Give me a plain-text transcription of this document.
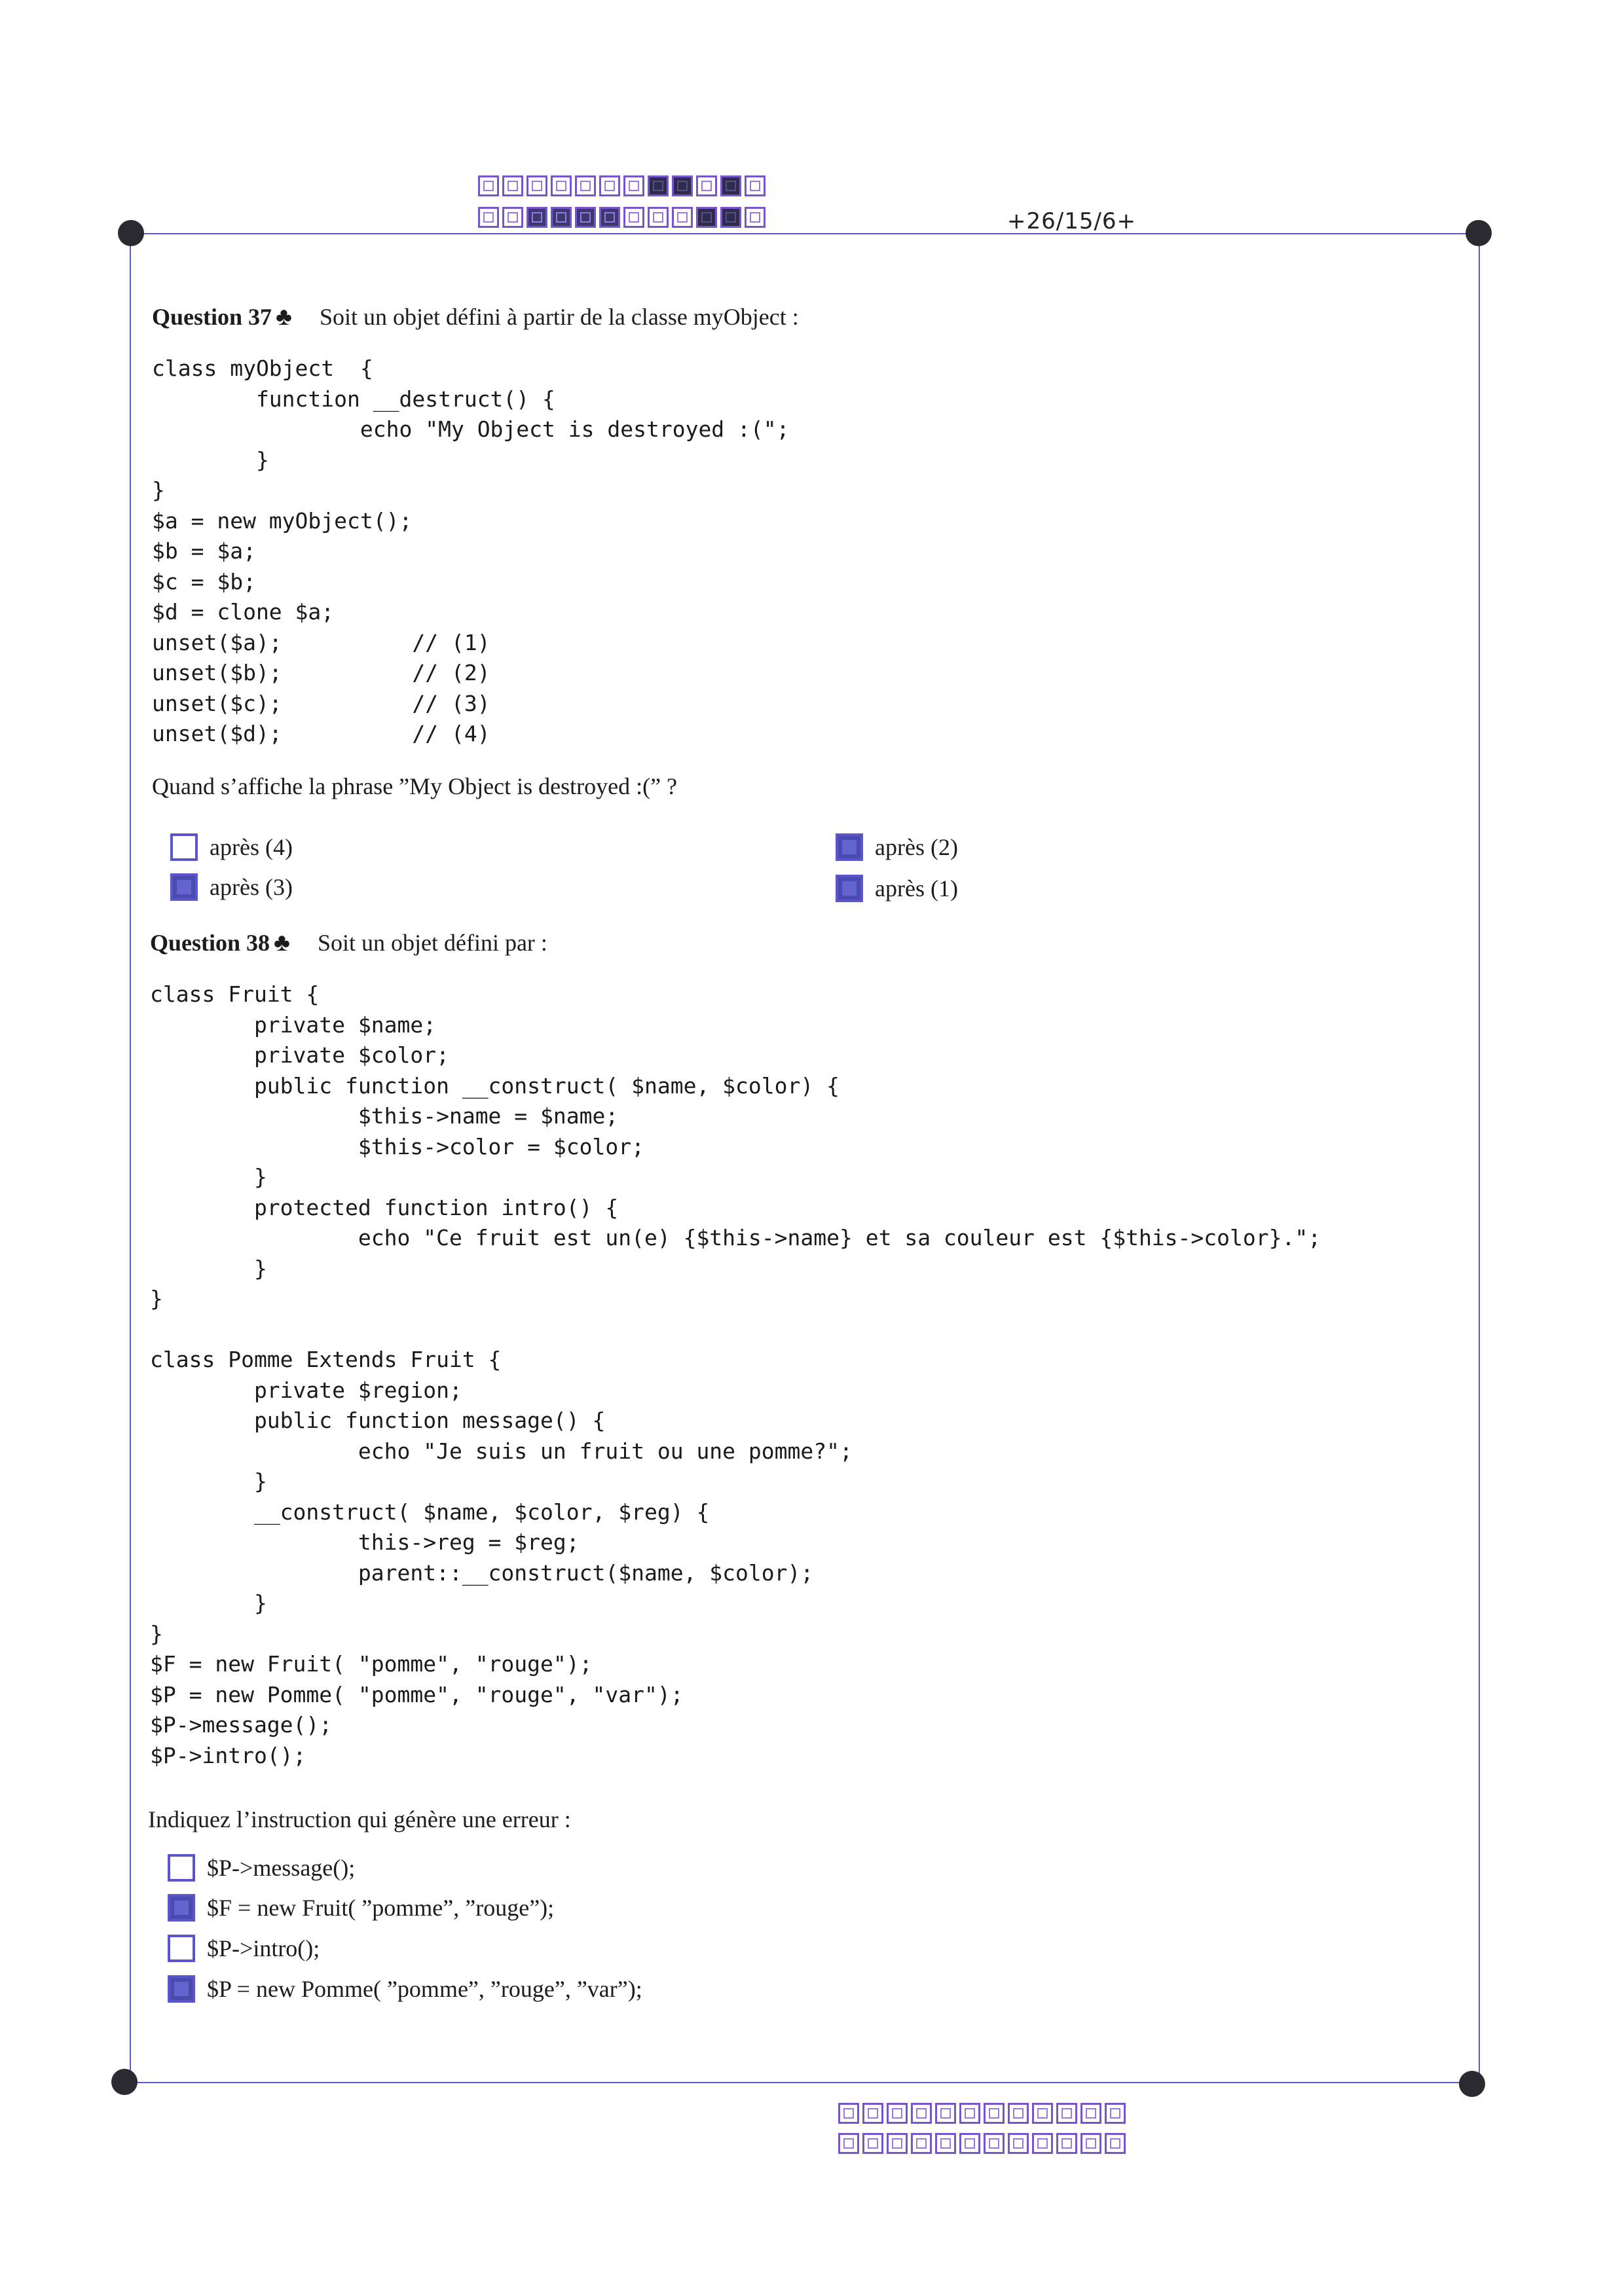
+26/15/6+
Question 37 ♣ Soit un objet défini à partir de la classe myObject :
class myObject  {
function __destruct() {
echo "My Object is destroyed :(";
}
}
$a = new myObject();
$b = $a;
$c = $b;
$d = clone $a;
unset($a);          // (1)
unset($b);          // (2)
unset($c);          // (3)
unset($d);          // (4)
Quand s’affiche la phrase ”My Object is destroyed :(” ?
après (4)
après (3)
après (2)
après (1)
Question 38 ♣ Soit un objet défini par :
class Fruit {
private $name;
private $color;
public function __construct( $name, $color) {
$this->name = $name;
$this->color = $color;
}
protected function intro() {
echo "Ce fruit est un(e) {$this->name} et sa couleur est {$this->color}.";
}
}

class Pomme Extends Fruit {
private $region;
public function message() {
echo "Je suis un fruit ou une pomme?";
}
__construct( $name, $color, $reg) {
this->reg = $reg;
parent::__construct($name, $color);
}
}
$F = new Fruit( "pomme", "rouge");
$P = new Pomme( "pomme", "rouge", "var");
$P->message();
$P->intro();
Indiquez l’instruction qui génère une erreur :
$P->message();
$F = new Fruit( ”pomme”, ”rouge”);
$P->intro();
$P = new Pomme( ”pomme”, ”rouge”, ”var”);
